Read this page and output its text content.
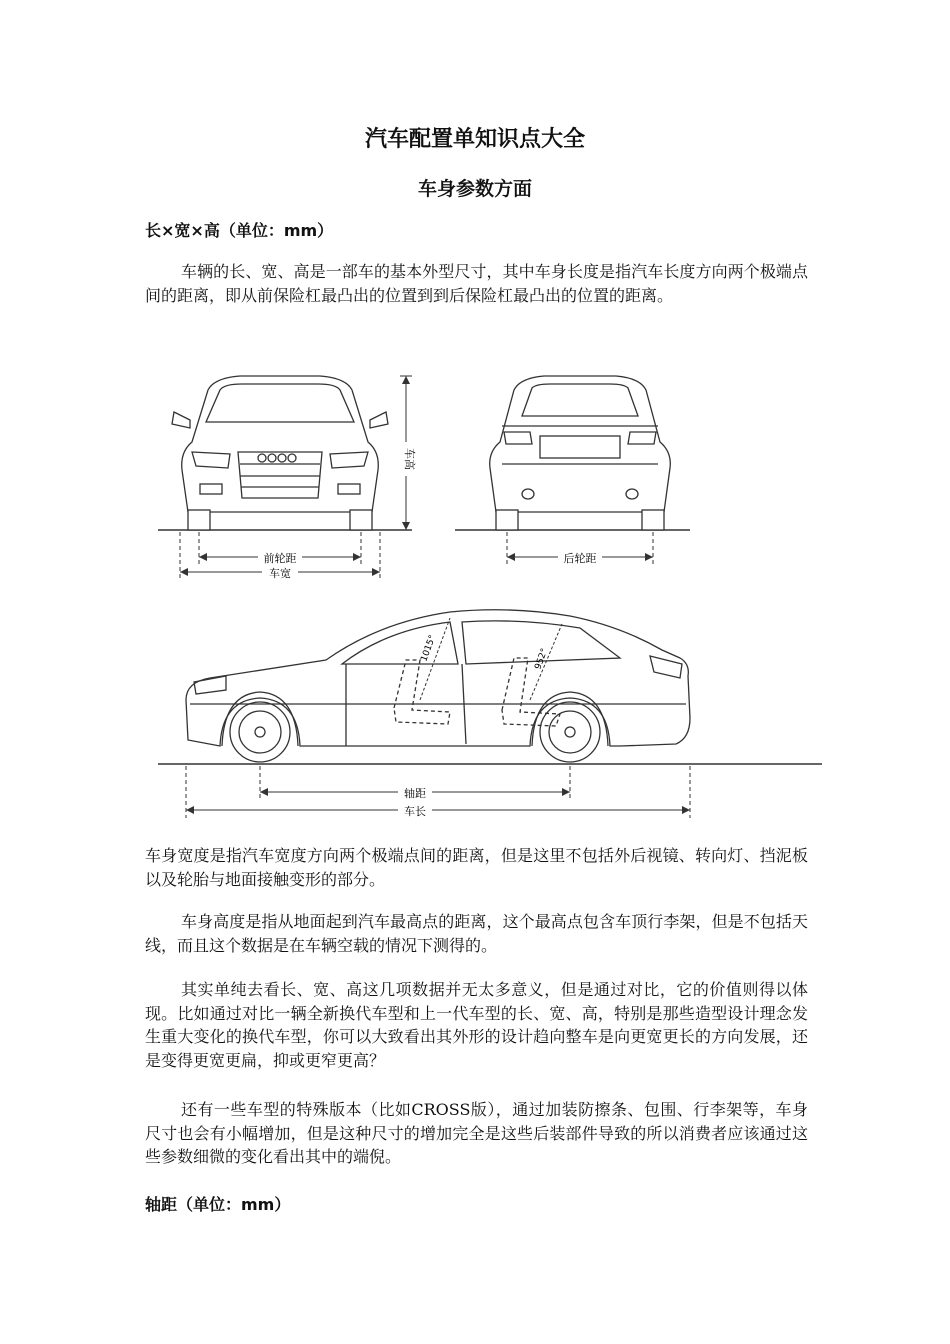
汽车配置单知识点大全
车身参数方面
长×宽×高（单位：mm）

车辆的长、宽、高是一部车的基本外型尺寸，其中车身长度是指汽车长度方向两个极端点间的距离，即从前保险杠最凸出的位置到到后保险杠最凸出的位置的距离。

车高
前轮距
车宽
后轮距
1015°	952°
轴距
车长

车身宽度是指汽车宽度方向两个极端点间的距离，但是这里不包括外后视镜、转向灯、挡泥板以及轮胎与地面接触变形的部分。

车身高度是指从地面起到汽车最高点的距离，这个最高点包含车顶行李架，但是不包括天线，而且这个数据是在车辆空载的情况下测得的。

其实单纯去看长、宽、高这几项数据并无太多意义，但是通过对比，它的价值则得以体现。比如通过对比一辆全新换代车型和上一代车型的长、宽、高，特别是那些造型设计理念发生重大变化的换代车型，你可以大致看出其外形的设计趋向整车是向更宽更长的方向发展，还是变得更宽更扁，抑或更窄更高？

还有一些车型的特殊版本（比如CROSS版），通过加装防擦条、包围、行李架等，车身尺寸也会有小幅增加，但是这种尺寸的增加完全是这些后装部件导致的所以消费者应该通过这些参数细微的变化看出其中的端倪。

轴距（单位：mm）
